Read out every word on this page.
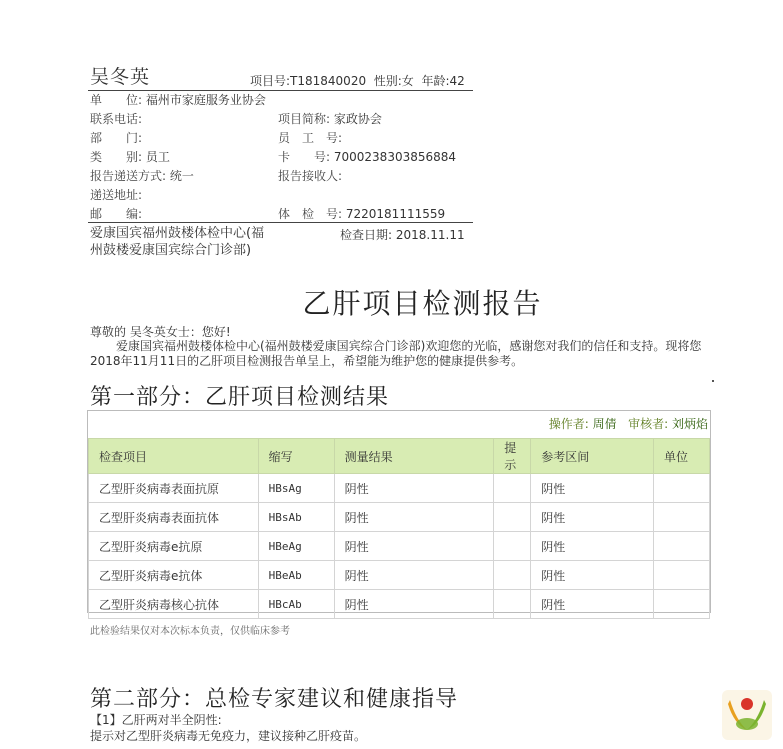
吴冬英	项目号:T181840020 性别:女 年龄:42
单　　位: 福州市家庭服务业协会
联系电话:	项目简称: 家政协会
部　　门:	员　工　号:
类　　别: 员工	卡　　号: 7000238303856884
报告递送方式: 统一	报告接收人:
递送地址:
邮　　编:	体　检　号: 7220181111559
爱康国宾福州鼓楼体检中心(福州鼓楼爱康国宾综合门诊部)
检查日期: 2018.11.11
乙肝项目检测报告
尊敬的 吴冬英女士：您好!
爱康国宾福州鼓楼体检中心(福州鼓楼爱康国宾综合门诊部)欢迎您的光临，感谢您对我们的信任和支持。现将您2018年11月11日的乙肝项目检测报告单呈上，希望能为维护您的健康提供参考。
第一部分：乙肝项目检测结果
操作者: 周倩 审核者: 刘炳焰
检查项目	缩写	测量结果	提示	参考区间	单位
乙型肝炎病毒表面抗原	HBsAg	阴性		阴性	
乙型肝炎病毒表面抗体	HBsAb	阴性		阴性	
乙型肝炎病毒e抗原	HBeAg	阴性		阴性	
乙型肝炎病毒e抗体	HBeAb	阴性		阴性	
乙型肝炎病毒核心抗体	HBcAb	阴性		阴性	
此检验结果仅对本次标本负责，仅供临床参考
第二部分：总检专家建议和健康指导
【1】乙肝两对半全阴性:
提示对乙型肝炎病毒无免疫力，建议接种乙肝疫苗。
